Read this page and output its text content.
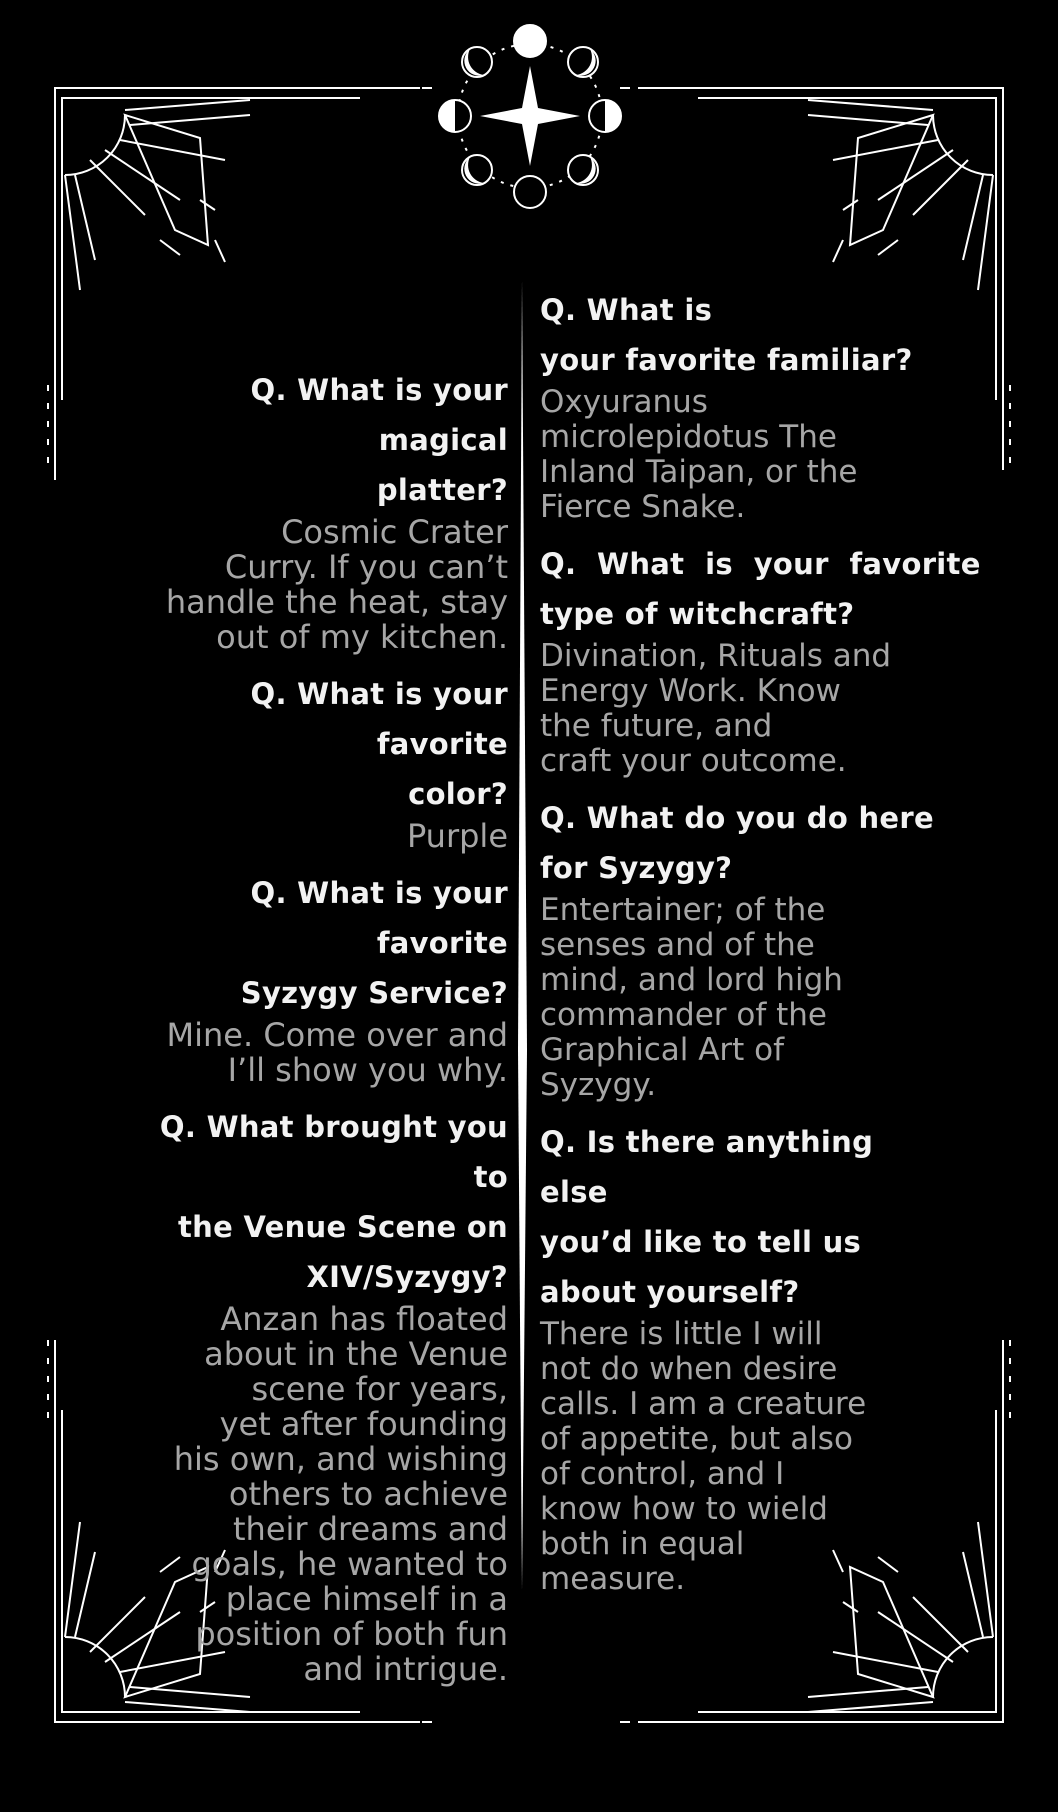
Q. What is your magical
platter?
Cosmic Crater
Curry. If you can’t
handle the heat, stay
out of my kitchen.
Q. What is your favorite
color?
Purple
Q. What is your favorite
Syzygy Service?
Mine. Come over and
I’ll show you why.
Q. What brought you to
the Venue Scene on
XIV/Syzygy?
Anzan has floated
about in the Venue
scene for years,
yet after founding
his own, and wishing
others to achieve
their dreams and
goals, he wanted to
place himself in a
position of both fun
and intrigue.
Q. What is
your favorite familiar?
Oxyuranus
microlepidotus The
Inland Taipan, or the
Fierce Snake.
Q.  What  is  your  favorite
type of witchcraft?
Divination, Rituals and
Energy Work. Know
the future, and
craft your outcome.
Q. What do you do here
for Syzygy?
Entertainer; of the
senses and of the
mind, and lord high
commander of the
Graphical Art of
Syzygy.
Q. Is there anything else
you’d like to tell us
about yourself?
There is little I will
not do when desire
calls. I am a creature
of appetite, but also
of control, and I
know how to wield
both in equal
measure.
